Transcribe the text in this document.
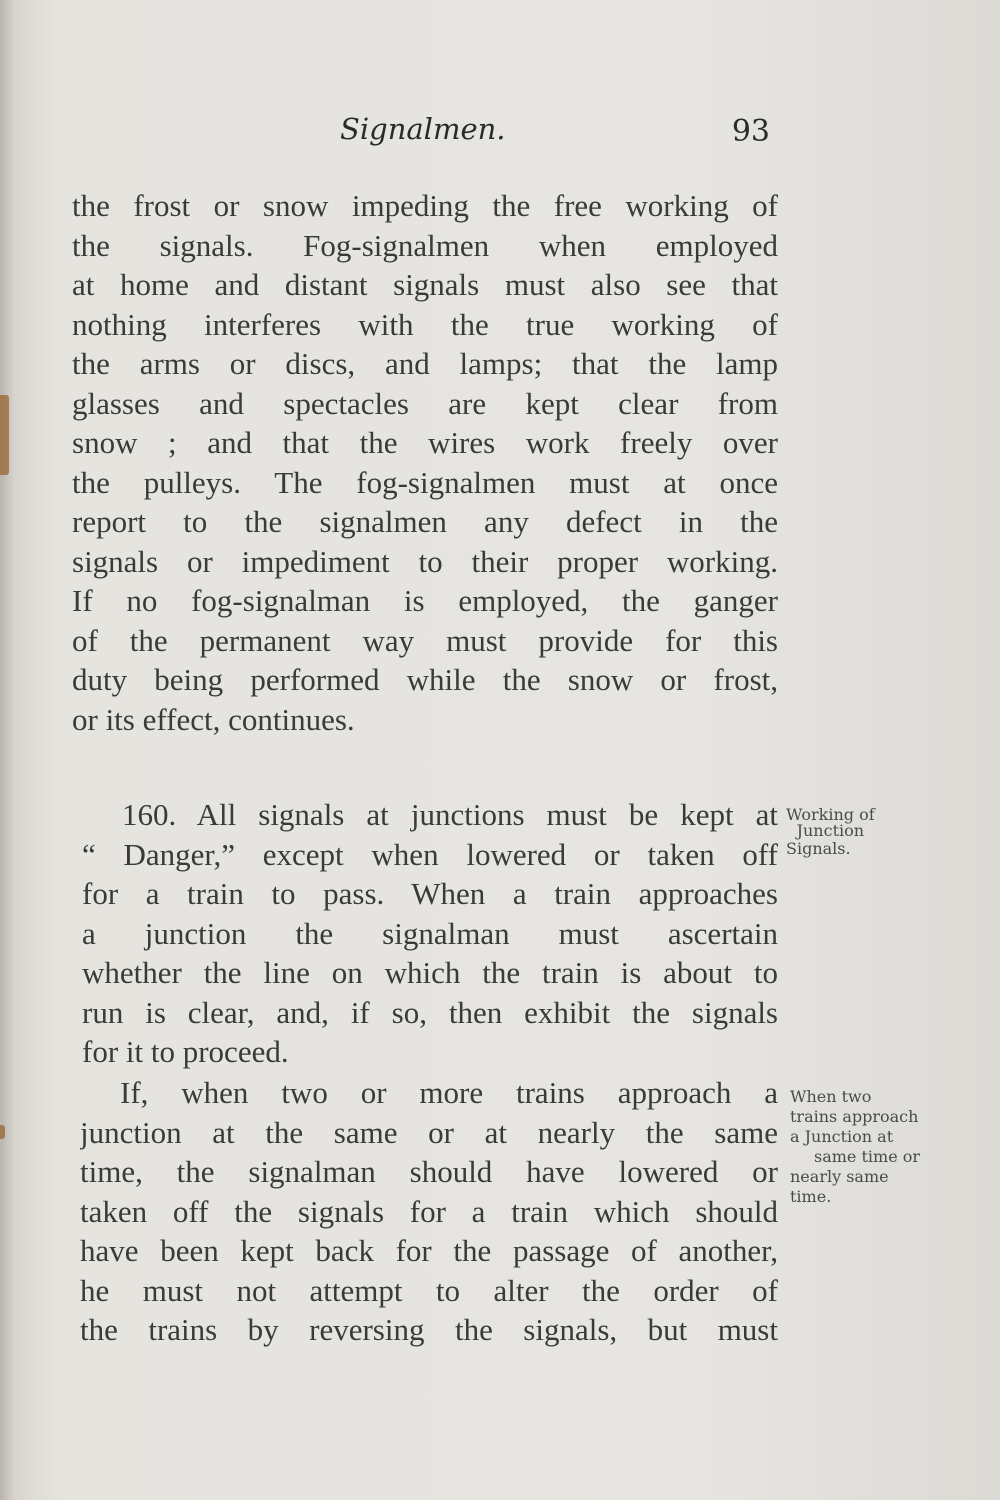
Signalmen.	93
the frost or snow impeding the free working of
the signals. Fog-signalmen when employed
at home and distant signals must also see that
nothing interferes with the true working of
the arms or discs, and lamps; that the lamp
glasses and spectacles are kept clear from
snow ; and that the wires work freely over
the pulleys. The fog-signalmen must at once
report to the signalmen any defect in the
signals or impediment to their proper working.
If no fog-signalman is employed, the ganger
of the permanent way must provide for this
duty being performed while the snow or frost,
or its effect, continues.
160. All signals at junctions must be kept at
“ Danger,” except when lowered or taken off
for a train to pass. When a train approaches
a junction the signalman must ascertain
whether the line on which the train is about to
run is clear, and, if so, then exhibit the signals
for it to proceed.
If, when two or more trains approach a
junction at the same or at nearly the same
time, the signalman should have lowered or
taken off the signals for a train which should
have been kept back for the passage of another,
he must not attempt to alter the order of
the trains by reversing the signals, but must
Working of
Junction
Signals.
When two
trains approach
a Junction at
same time or
nearly same
time.
